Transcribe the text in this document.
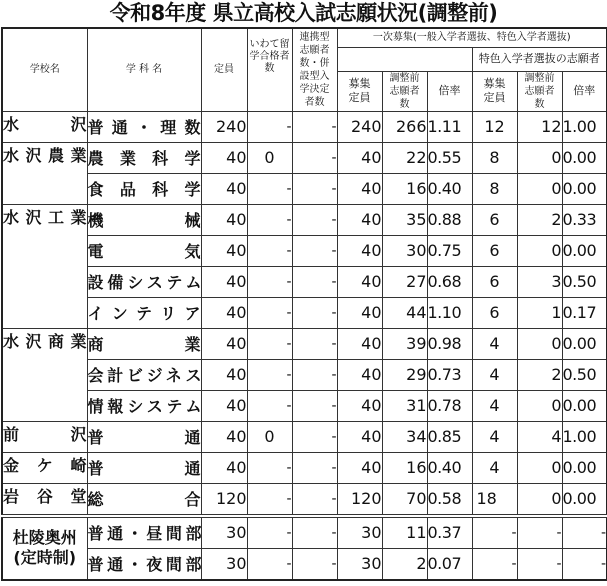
令和8年度 県立高校入試志願状況(調整前)
学校名	学 科 名	定員	いわて留学合格者数	連携型志願者数・併設型入学決定者数	一次募集(一般入学者選抜、特色入学者選抜)					
								特色入学者選抜の志願者		

					募集定員	調整前志願者数	倍率	募集定員	調整前志願者数	倍率
水　　沢	普通・理数	240	-	-	240	266	1.11	12	12	1.00
水沢農業	農業科学	40	0	-	40	22	0.55	8	0	0.00
	食品科学	40	-	-	40	16	0.40	8	0	0.00
水沢工業	機　　械	40	-	-	40	35	0.88	6	2	0.33
	電　　気	40	-	-	40	30	0.75	6	0	0.00
	設備システム	40	-	-	40	27	0.68	6	3	0.50
	インテリア	40	-	-	40	44	1.10	6	1	0.17
水沢商業	商　　業	40	-	-	40	39	0.98	4	0	0.00
	会計ビジネス	40	-	-	40	29	0.73	4	2	0.50
	情報システム	40	-	-	40	31	0.78	4	0	0.00
前　　沢	普　　通	40	0	-	40	34	0.85	4	4	1.00
金ケ崎	普　　通	40	-	-	40	16	0.40	4	0	0.00
岩谷堂	総　　合	120	-	-	120	70	0.58	18	0	0.00
杜陵奥州(定時制)	普通・昼間部	30	-	-	30	11	0.37	-	-	-
	普通・夜間部	30	-	-	30	2	0.07	-	-	-
